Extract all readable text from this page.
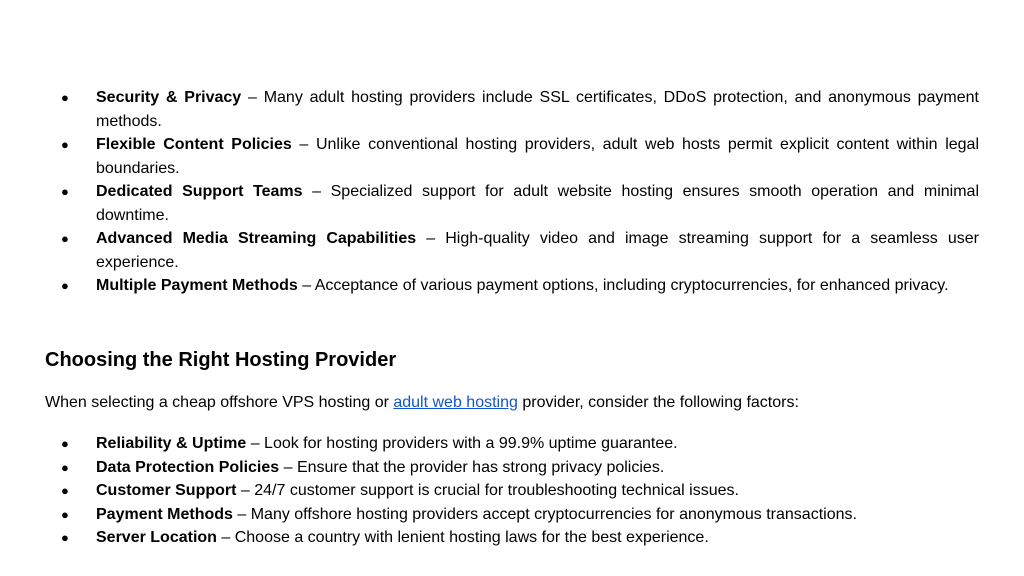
●	Security & Privacy – Many adult hosting providers include SSL certificates, DDoS protection, and anonymous payment methods.
●	Flexible Content Policies – Unlike conventional hosting providers, adult web hosts permit explicit content within legal boundaries.
●	Dedicated Support Teams – Specialized support for adult website hosting ensures smooth operation and minimal downtime.
●	Advanced Media Streaming Capabilities – High-quality video and image streaming support for a seamless user experience.
●	Multiple Payment Methods – Acceptance of various payment options, including cryptocurrencies, for enhanced privacy.
Choosing the Right Hosting Provider

When selecting a cheap offshore VPS hosting or adult web hosting provider, consider the following factors:

●	Reliability & Uptime – Look for hosting providers with a 99.9% uptime guarantee.
●	Data Protection Policies – Ensure that the provider has strong privacy policies.
●	Customer Support – 24/7 customer support is crucial for troubleshooting technical issues.
●	Payment Methods – Many offshore hosting providers accept cryptocurrencies for anonymous transactions.
●	Server Location – Choose a country with lenient hosting laws for the best experience.
